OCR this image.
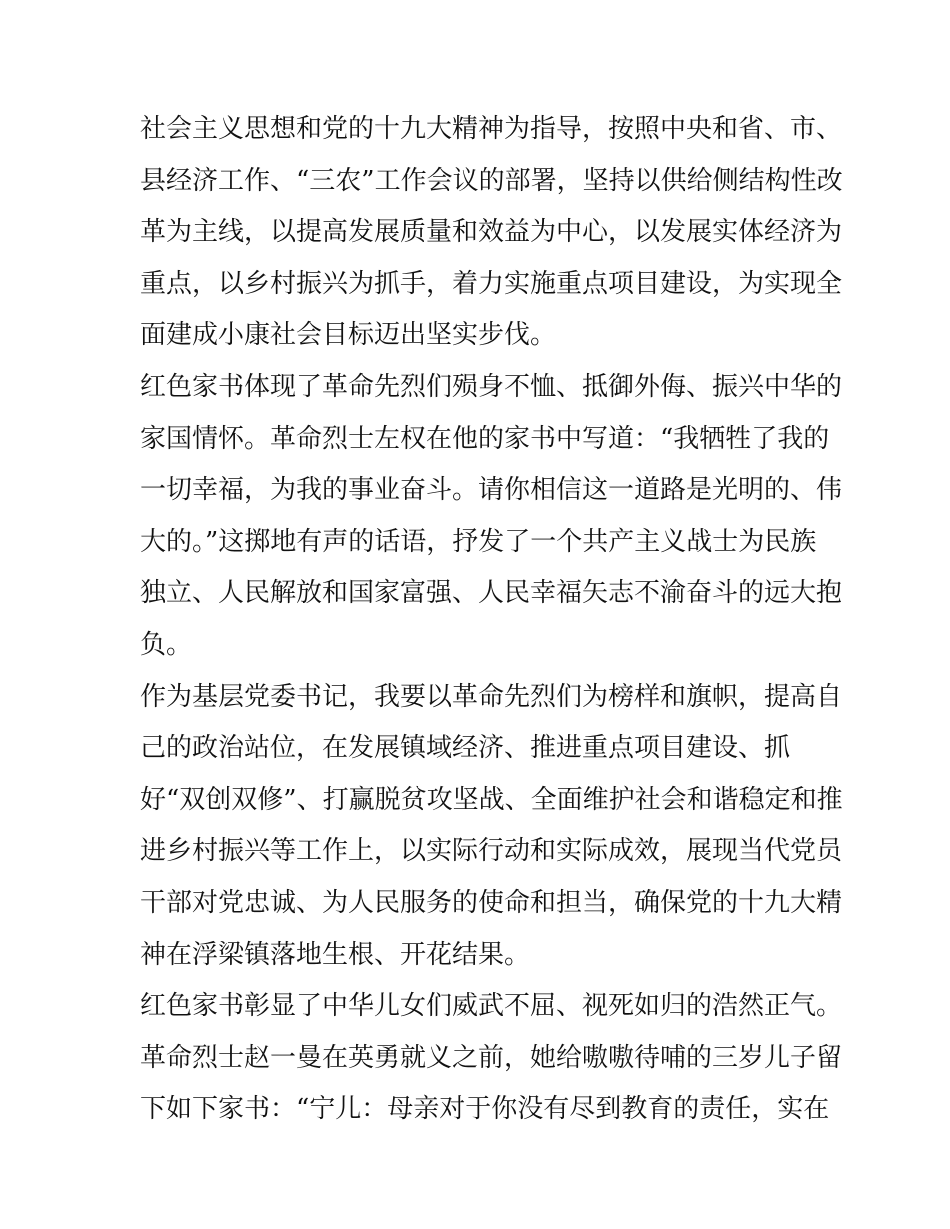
社会主义思想和党的十九大精神为指导，按照中央和省、市、
县经济工作、“三农”工作会议的部署，坚持以供给侧结构性改
革为主线，以提高发展质量和效益为中心，以发展实体经济为
重点，以乡村振兴为抓手，着力实施重点项目建设，为实现全
面建成小康社会目标迈出坚实步伐。
红色家书体现了革命先烈们殒身不恤、抵御外侮、振兴中华的
家国情怀。革命烈士左权在他的家书中写道：“我牺牲了我的
一切幸福，为我的事业奋斗。请你相信这一道路是光明的、伟
大的。”这掷地有声的话语，抒发了一个共产主义战士为民族
独立、人民解放和国家富强、人民幸福矢志不渝奋斗的远大抱
负。
作为基层党委书记，我要以革命先烈们为榜样和旗帜，提高自
己的政治站位，在发展镇域经济、推进重点项目建设、抓
好“双创双修”、打赢脱贫攻坚战、全面维护社会和谐稳定和推
进乡村振兴等工作上，以实际行动和实际成效，展现当代党员
干部对党忠诚、为人民服务的使命和担当，确保党的十九大精
神在浮梁镇落地生根、开花结果。
红色家书彰显了中华儿女们威武不屈、视死如归的浩然正气。
革命烈士赵一曼在英勇就义之前，她给嗷嗷待哺的三岁儿子留
下如下家书：“宁儿：母亲对于你没有尽到教育的责任，实在
